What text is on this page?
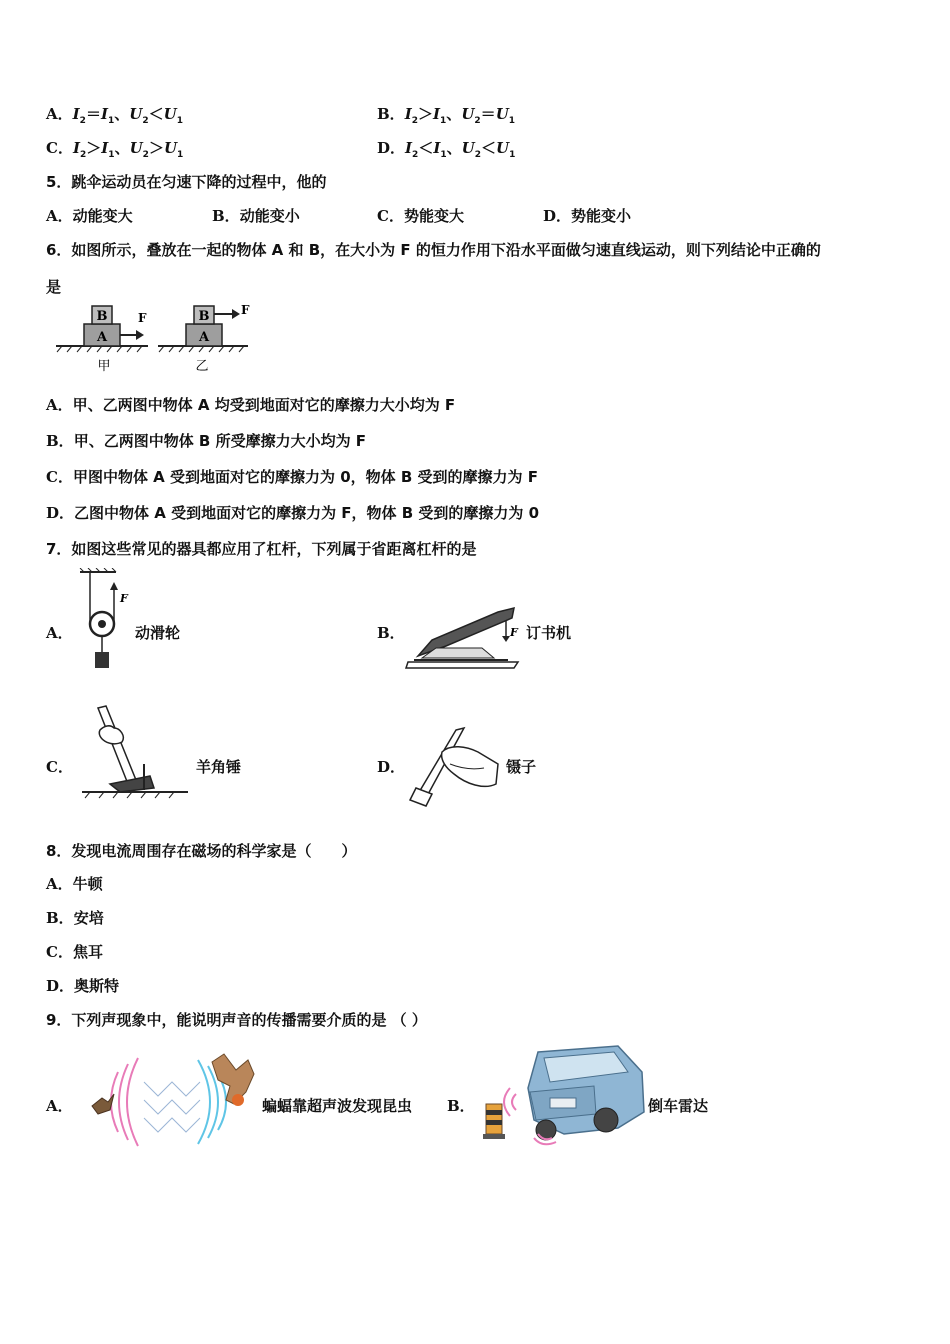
A．$I_2=I_1$、$U_2<U_1$	B．$I_2>I_1$、$U_2=U_1$
C．$I_2>I_1$、$U_2>U_1$	D．$I_2<I_1$、$U_2<U_1$
5．跳伞运动员在匀速下降的过程中，他的
A．动能变大	B．动能变小	C．势能变大	D．势能变小
6．如图所示，叠放在一起的物体 A 和 B，在大小为 F 的恒力作用下沿水平面做匀速直线运动，则下列结论中正确的
是
A
B	F
甲
A
B	F
乙
A．甲、乙两图中物体 A 均受到地面对它的摩擦力大小均为 F
B．甲、乙两图中物体 B 所受摩擦力大小均为 F
C．甲图中物体 A 受到地面对它的摩擦力为 0，物体 B 受到的摩擦力为 F
D．乙图中物体 A 受到地面对它的摩擦力为 F，物体 B 受到的摩擦力为 0
7．如图这些常见的器具都应用了杠杆，下列属于省距离杠杆的是
A．
F
动滑轮	B．	F 订书机
C．	羊角锤	D．	镊子
8．发现电流周围存在磁场的科学家是（　　）
A．牛顿
B．安培
C．焦耳
D．奥斯特
9．下列声现象中，能说明声音的传播需要介质的是 （ ）
A．	蝙蝠靠超声波发现昆虫 B．	倒车雷达
